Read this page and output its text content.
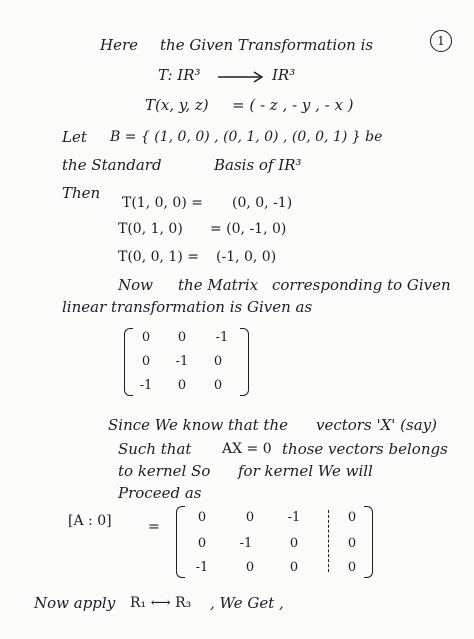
1
Here the Given Transformation is
T: IR³	IR³
T(x, y, z) = ( - z , - y , - x )
Let B = { (1, 0, 0) , (0, 1, 0) , (0, 0, 1) } be
the Standard	Basis of IR³
Then
T(1, 0, 0) = (0, 0, -1)
T(0, 1, 0) = (0, -1, 0)
T(0, 0, 1) = (-1, 0, 0)
Now the Matrix corresponding to Given
linear transformation is Given as
0	0	-1
0	-1	0
-1	0	0
Since We know that the vectors 'X' (say)
Such that AX = 0 those vectors belongs
to kernel So for kernel We will
Proceed as
[A : 0]	=
0	0	-1	0
0	-1	0	0
-1	0	0	0
Now apply R₁ ⟷ R₃ , We Get ,
